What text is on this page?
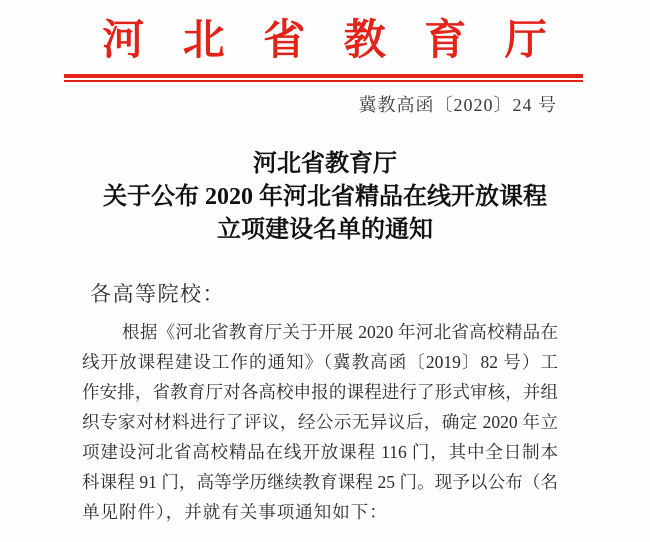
河 北 省 教 育 厅
冀教高函〔2020〕24 号
河北省教育厅
关于公布 2020 年河北省精品在线开放课程
立项建设名单的通知
各高等院校：
根据《河北省教育厅关于开展 2020 年河北省高校精品在
线开放课程建设工作的通知》（冀教高函〔2019〕82 号）工
作安排，省教育厅对各高校申报的课程进行了形式审核，并组
织专家对材料进行了评议，经公示无异议后，确定 2020 年立
项建设河北省高校精品在线开放课程 116 门，其中全日制本
科课程 91 门，高等学历继续教育课程 25 门。现予以公布（名
单见附件），并就有关事项通知如下：
